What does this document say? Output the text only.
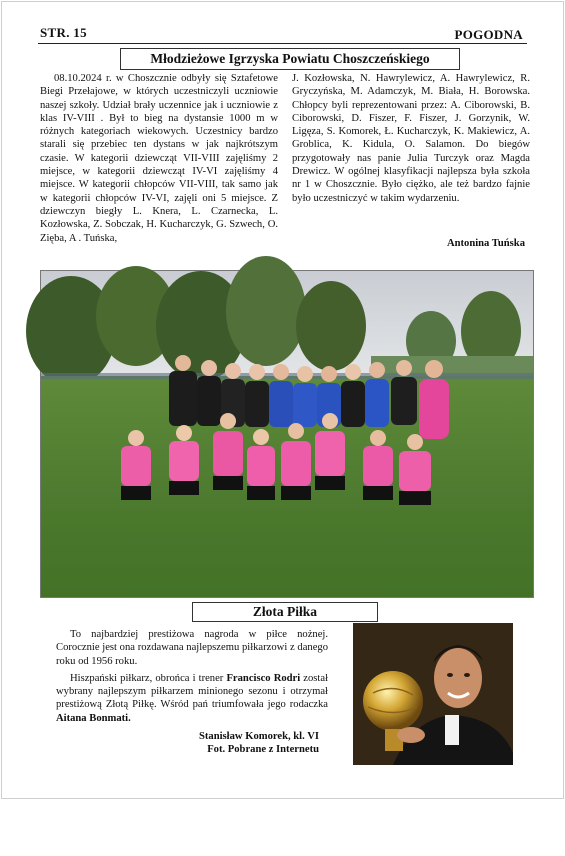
STR. 15	POGODNA
Młodzieżowe Igrzyska Powiatu Choszczeńskiego
08.10.2024 r. w Choszcznie odbyły się Sztafetowe Biegi Przełajowe, w których uczestniczyli uczniowie naszej szkoły. Udział brały uczennice jak i uczniowie z klas IV-VIII . Był to bieg na dystansie 1000 m w różnych kategoriach wiekowych. Uczestnicy bardzo starali się przebiec ten dystans w jak najkrótszym czasie. W kategorii dziewcząt VII-VIII zajęliśmy 2 miejsce, w kategorii dziewcząt IV-VI zajęliśmy 4 miejsce. W kategorii chłopców VII-VIII, tak samo jak w kategorii chłopców IV-VI, zajęli oni 5 miejsce. Z dziewczyn biegły L. Knera, L. Czarnecka, L. Kozłowska, Z. Sobczak, H. Kucharczyk, G. Szwech, O. Zięba, A . Tuńska,
J. Kozłowska, N. Hawrylewicz, A. Hawrylewicz, R. Gryczyńska, M. Adamczyk, M. Biała, H. Borowska. Chłopcy byli reprezentowani przez: A. Ciborowski, B. Ciborowski, D. Fiszer, F. Fiszer, J. Gorzynik, W. Ligęza, S. Komorek, Ł. Kucharczyk, K. Makiewicz, A. Groblica, K. Kidula, O. Salamon. Do biegów przygotowały nas panie Julia Turczyk oraz Magda Drewicz. W ogólnej klasyfikacji najlepsza była szkoła nr 1 w Choszcznie. Było ciężko, ale też bardzo fajnie było uczestniczyć w takim wydarzeniu.
Antonina Tuńska
Reprezentacja SP w Krzęcinie
Fot. Z archiwum SP
w Krzęcinie
Złota Piłka

To najbardziej prestiżowa nagroda w piłce nożnej. Corocznie jest ona rozdawana najlepszemu piłkarzowi z danego roku od 1956 roku.

Hiszpański piłkarz, obrońca i trener Francisco Rodri został wybrany najlepszym piłkarzem minionego sezonu i otrzymał prestiżową Złotą Piłkę. Wśród pań triumfowała jego rodaczka Aitana Bonmati.

Stanisław Komorek, kl. VI
Fot. Pobrane z Internetu
